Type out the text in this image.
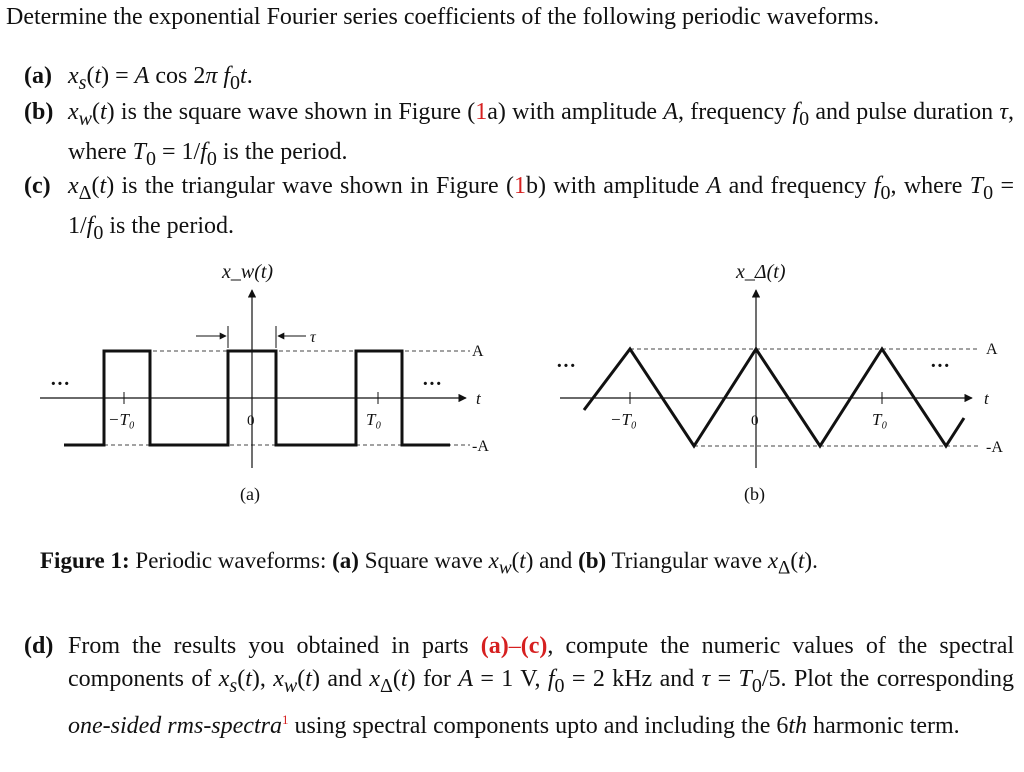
Determine the exponential Fourier series coefficients of the following periodic waveforms.
(a) $x_s(t) = A$ cos 2π $f_0t$.
(b) $x_w(t)$ is the square wave shown in Figure (1a) with amplitude A, frequency $f_0$ and pulse duration τ, where $T_0 = 1/f_0$ is the period.
(c) $x_\Delta(t)$ is the triangular wave shown in Figure (1b) with amplitude A and frequency $f_0$, where $T_0 = 1/f_0$ is the period.
x_w(t)
τ
A
-A
t
−T₀	0	T₀
···	···
(a)
x_Δ(t)
A
-A
t
−T₀	0	T₀
···	···
(b)
Figure 1: Periodic waveforms: (a) Square wave $x_w(t)$ and (b) Triangular wave $x_\Delta(t)$.
(d) From the results you obtained in parts (a)–(c), compute the numeric values of the spectral components of $x_s(t)$, $x_w(t)$ and $x_\Delta(t)$ for A = 1 V, $f_0 = 2$ kHz and $\tau = T_0/5$. Plot the corresponding one-sided rms-spectra$^1$ using spectral components upto and including the 6th harmonic term.
